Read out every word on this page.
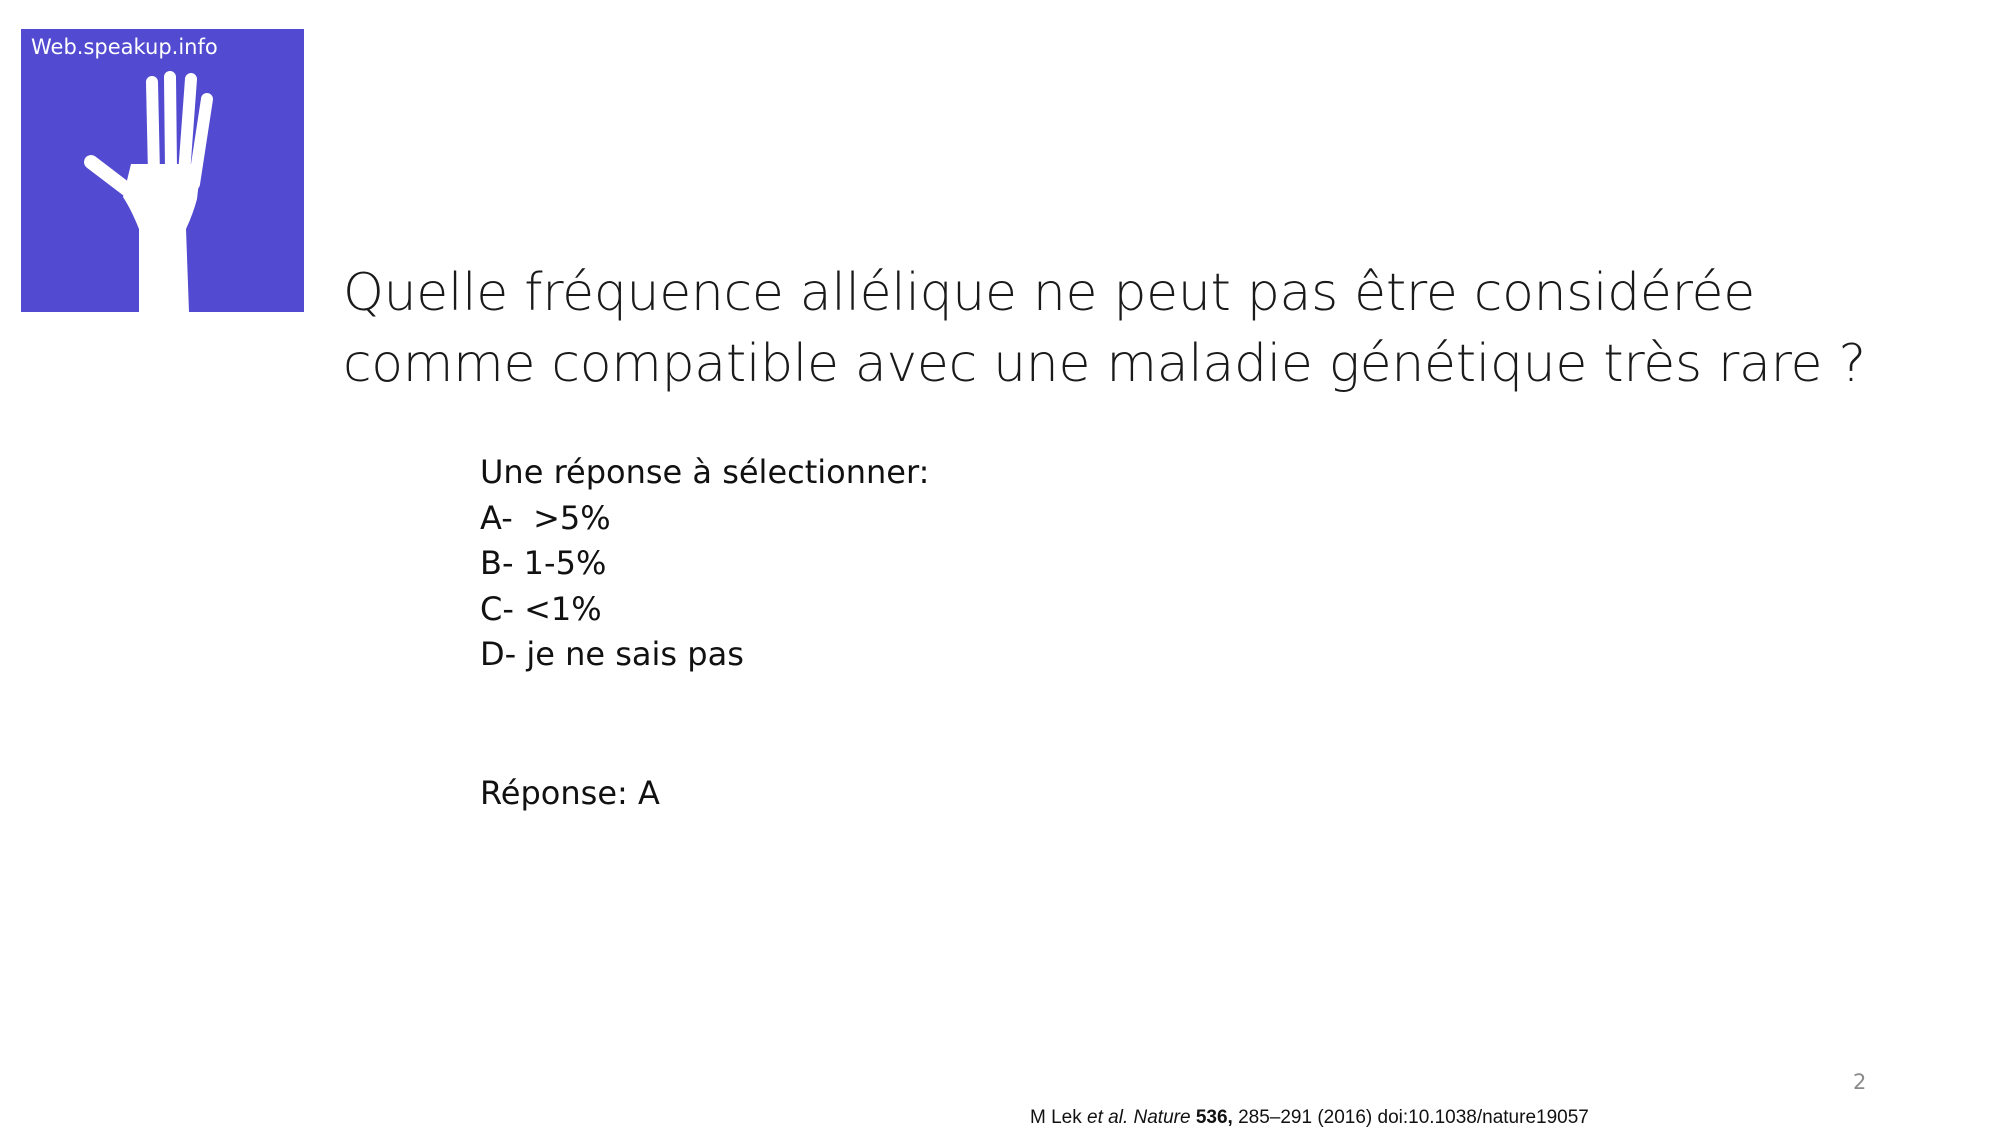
Web.speakup.info
Quelle fréquence allélique ne peut pas être considérée
comme compatible avec une maladie génétique très rare ?
Une réponse à sélectionner:
A-  >5%
B- 1-5%
C- <1%
D- je ne sais pas
Réponse: A
2
M Lek et al. Nature 536, 285–291 (2016) doi:10.1038/nature19057
